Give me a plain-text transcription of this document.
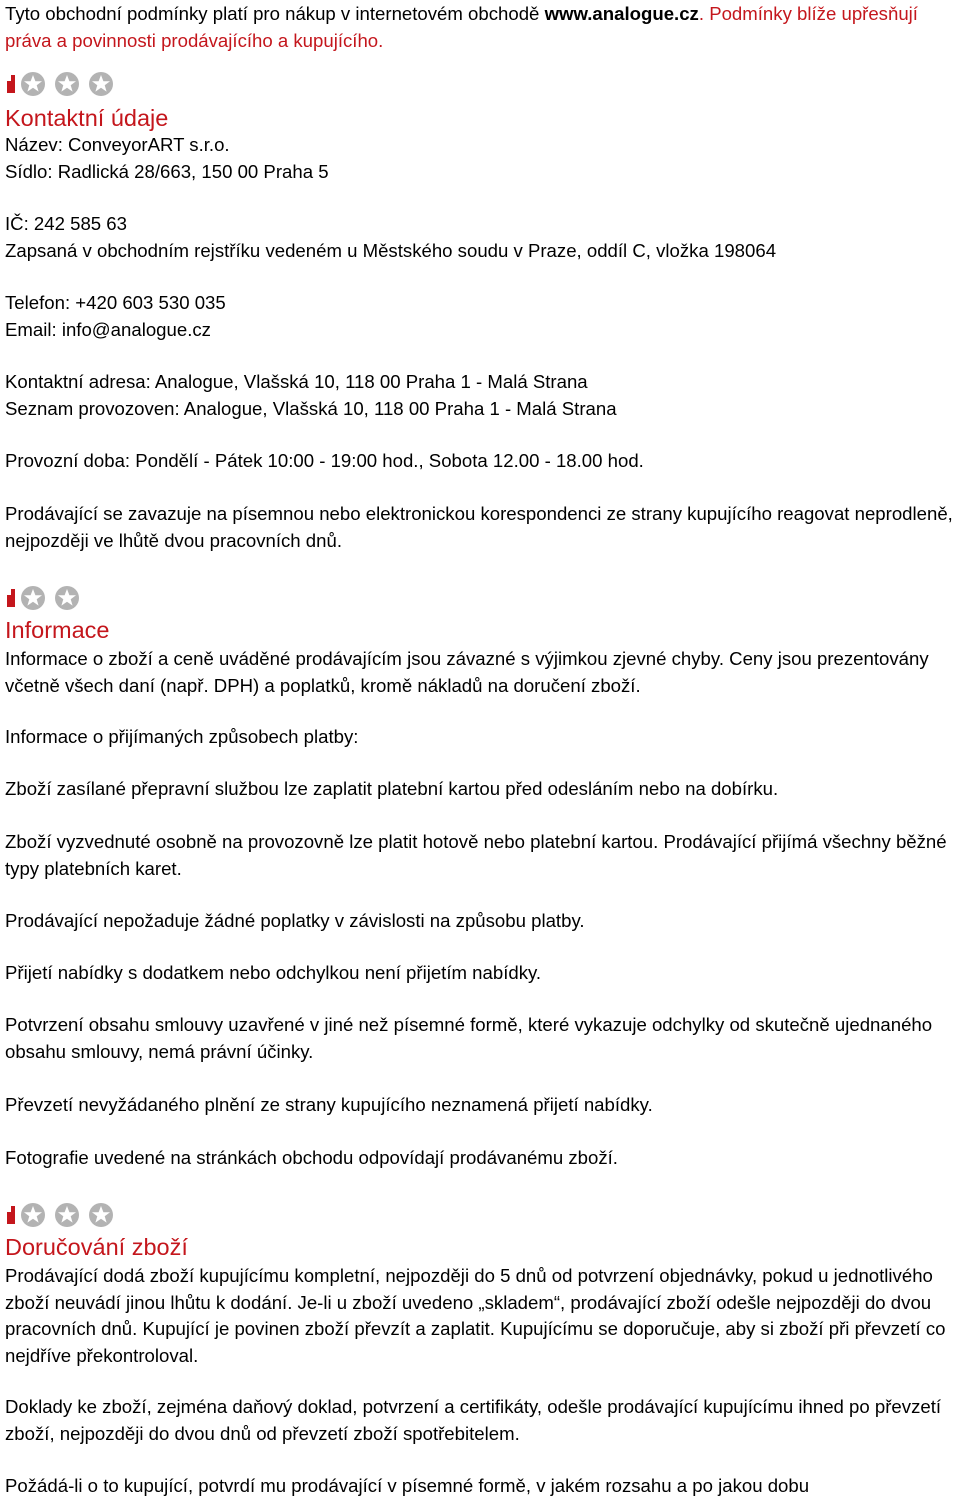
Tyto obchodní podmínky platí pro nákup v internetovém obchodě www.analogue.cz. Podmínky blíže upřesňují práva a povinnosti prodávajícího a kupujícího.

Kontaktní údaje

Název: ConveyorART s.r.o.

Sídlo: Radlická 28/663, 150 00 Praha 5

IČ: 242 585 63

Zapsaná v obchodním rejstříku vedeném u Městského soudu v Praze, oddíl C, vložka 198064

Telefon: +420 603 530 035

Email: info@analogue.cz

Kontaktní adresa: Analogue, Vlašská 10, 118 00 Praha 1 - Malá Strana

Seznam provozoven: Analogue, Vlašská 10, 118 00 Praha 1 - Malá Strana

Provozní doba: Pondělí - Pátek 10:00 - 19:00 hod., Sobota 12.00 - 18.00 hod.

Prodávající se zavazuje na písemnou nebo elektronickou korespondenci ze strany kupujícího reagovat neprodleně, nejpozději ve lhůtě dvou pracovních dnů.

Informace

Informace o zboží a ceně uváděné prodávajícím jsou závazné s výjimkou zjevné chyby. Ceny jsou prezentovány včetně všech daní (např. DPH) a poplatků, kromě nákladů na doručení zboží.

Informace o přijímaných způsobech platby:

Zboží zasílané přepravní službou lze zaplatit platební kartou před odesláním nebo na dobírku.

Zboží vyzvednuté osobně na provozovně lze platit hotově nebo platební kartou. Prodávající přijímá všechny běžné typy platebních karet.

Prodávající nepožaduje žádné poplatky v závislosti na způsobu platby.

Přijetí nabídky s dodatkem nebo odchylkou není přijetím nabídky.

Potvrzení obsahu smlouvy uzavřené v jiné než písemné formě, které vykazuje odchylky od skutečně ujednaného obsahu smlouvy, nemá právní účinky.

Převzetí nevyžádaného plnění ze strany kupujícího neznamená přijetí nabídky.

Fotografie uvedené na stránkách obchodu odpovídají prodávanému zboží.

Doručování zboží

Prodávající dodá zboží kupujícímu kompletní, nejpozději do 5 dnů od potvrzení objednávky, pokud u jednotlivého zboží neuvádí jinou lhůtu k dodání. Je-li u zboží uvedeno „skladem“, prodávající zboží odešle nejpozději do dvou pracovních dnů. Kupující je povinen zboží převzít a zaplatit. Kupujícímu se doporučuje, aby si zboží při převzetí co nejdříve překontroloval.

Doklady ke zboží, zejména daňový doklad, potvrzení a certifikáty, odešle prodávající kupujícímu ihned po převzetí zboží, nejpozději do dvou dnů od převzetí zboží spotřebitelem.

Požádá-li o to kupující, potvrdí mu prodávající v písemné formě, v jakém rozsahu a po jakou dobu
